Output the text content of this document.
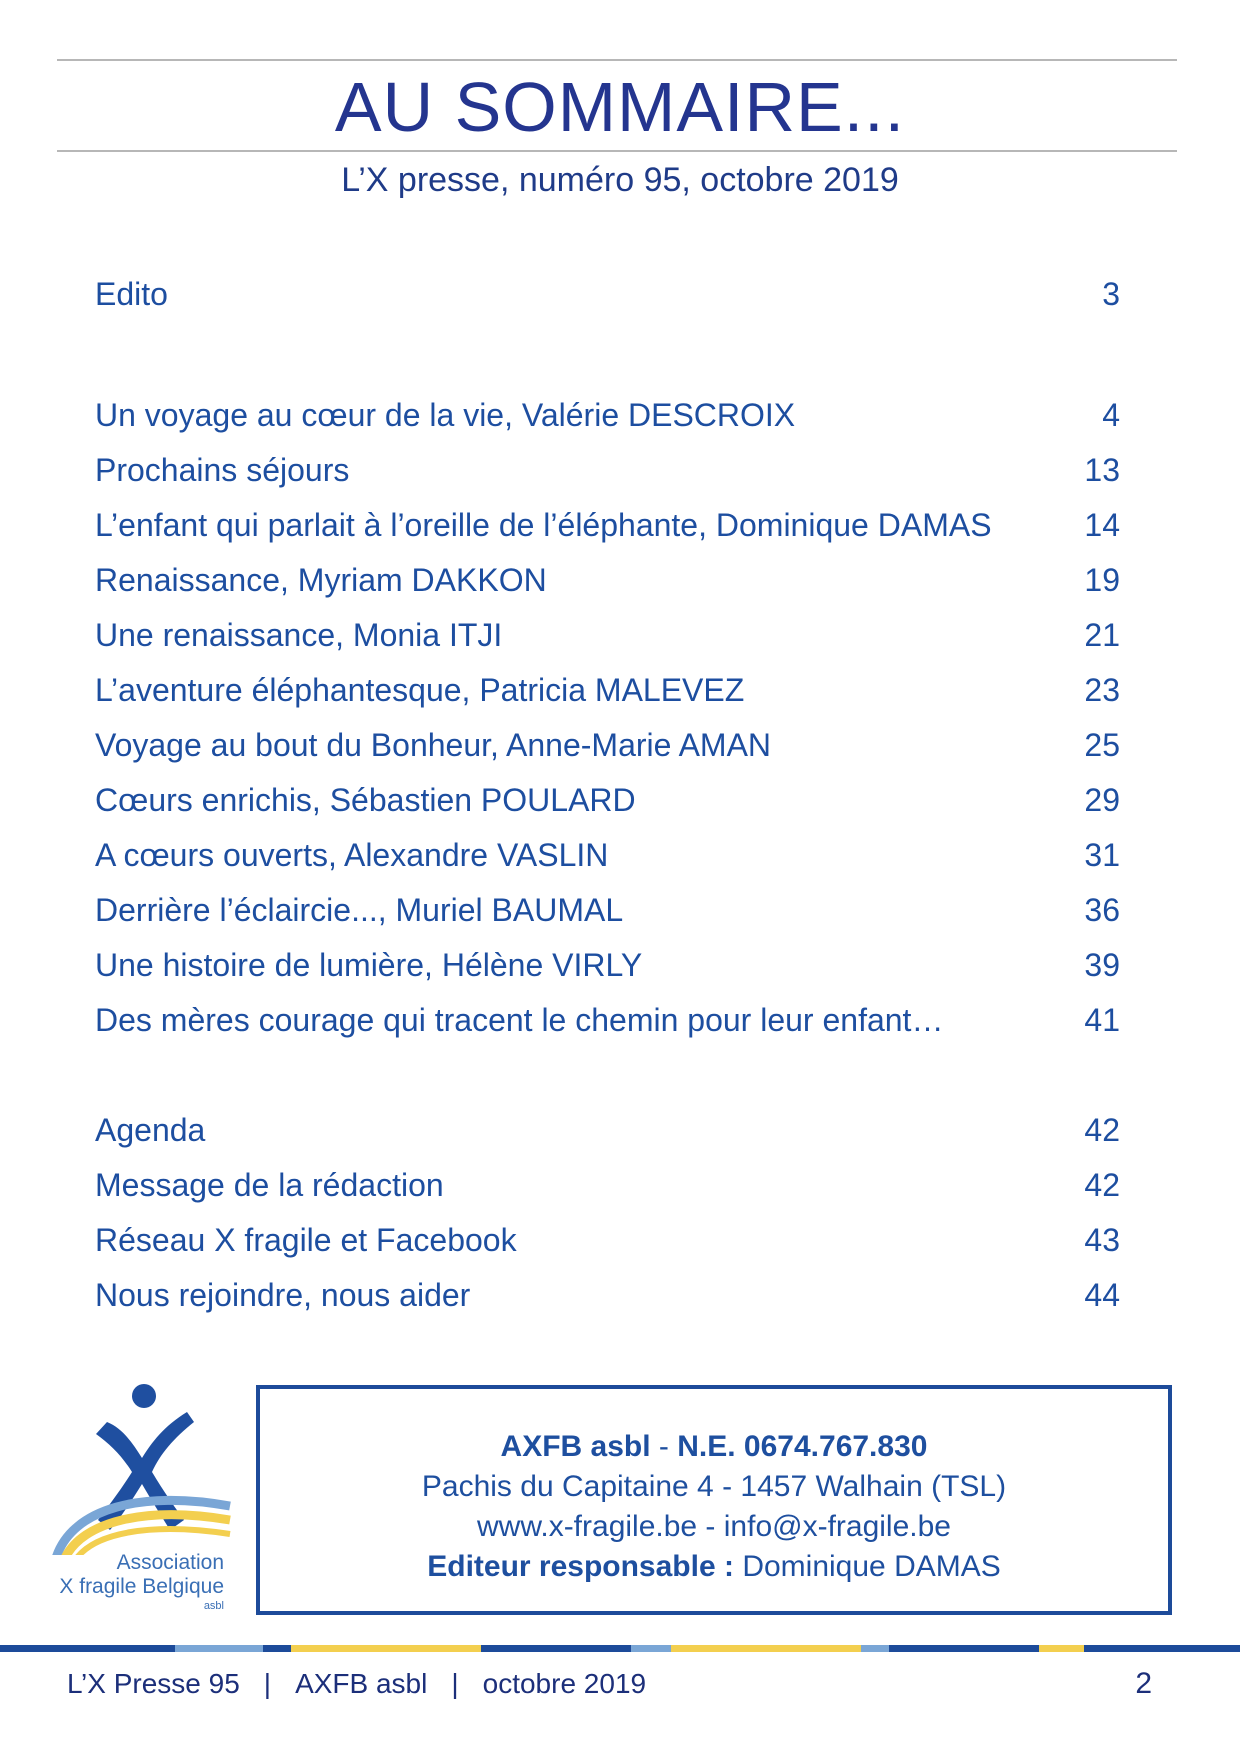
AU SOMMAIRE...
L’X presse, numéro 95, octobre 2019
Edito	3
Un voyage au cœur de la vie, Valérie DESCROIX	4
Prochains séjours	13
L’enfant qui parlait à l’oreille de l’éléphante, Dominique DAMAS	14
Renaissance, Myriam DAKKON	19
Une renaissance, Monia ITJI	21
L’aventure éléphantesque, Patricia MALEVEZ	23
Voyage au bout du Bonheur, Anne-Marie AMAN	25
Cœurs enrichis, Sébastien POULARD	29
A cœurs ouverts, Alexandre VASLIN	31
Derrière l’éclaircie..., Muriel BAUMAL	36
Une histoire de lumière, Hélène VIRLY	39
Des mères courage qui tracent le chemin pour leur enfant…	41
Agenda	42
Message de la rédaction	42
Réseau X fragile et Facebook	43
Nous rejoindre, nous aider	44
Association
X fragile Belgique
asbl
AXFB asbl - N.E. 0674.767.830
Pachis du Capitaine 4 - 1457 Walhain (TSL)
www.x-fragile.be - info@x-fragile.be
Editeur responsable : Dominique DAMAS
L’X Presse 95 | AXFB asbl | octobre 2019	2
